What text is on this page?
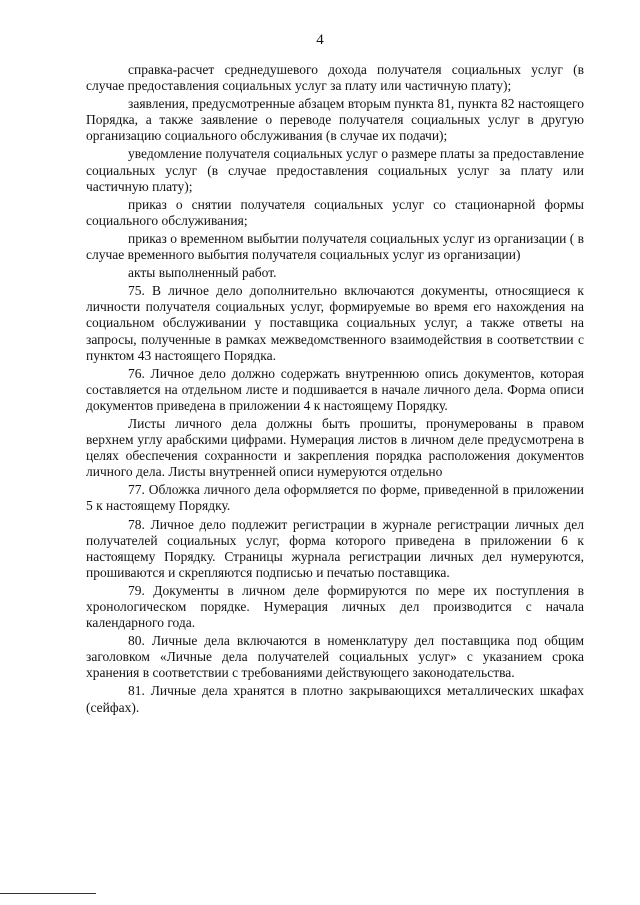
4

справка-расчет среднедушевого дохода получателя социальных услуг (в случае предоставления социальных услуг за плату или частичную плату);

заявления, предусмотренные абзацем вторым пункта 81, пункта 82 настоящего Порядка, а также заявление о переводе получателя социальных услуг в другую организацию социального обслуживания (в случае их подачи);

уведомление получателя социальных услуг о размере платы за предоставление социальных услуг (в случае предоставления социальных услуг за плату или частичную плату);

приказ о снятии получателя социальных услуг со стационарной формы социального обслуживания;

приказ о временном выбытии получателя социальных услуг из организации ( в случае временного выбытия получателя социальных услуг из организации)

акты выполненный работ.

75. В личное дело дополнительно включаются документы, относящиеся к личности получателя социальных услуг, формируемые во время его нахождения на социальном обслуживании у поставщика социальных услуг, а также ответы на запросы, полученные в рамках межведомственного взаимодействия в соответствии с пунктом 43 настоящего Порядка.

76. Личное дело должно содержать внутреннюю опись документов, которая составляется на отдельном листе и подшивается в начале личного дела. Форма описи документов приведена в приложении 4 к настоящему Порядку.

Листы личного дела должны быть прошиты, пронумерованы в правом верхнем углу арабскими цифрами. Нумерация листов в личном деле предусмотрена в целях обеспечения сохранности и закрепления порядка расположения документов личного дела. Листы внутренней описи нумеруются отдельно

77. Обложка личного дела оформляется по форме, приведенной в приложении 5 к настоящему Порядку.

78. Личное дело подлежит регистрации в журнале регистрации личных дел получателей социальных услуг, форма которого приведена в приложении 6 к настоящему Порядку. Страницы журнала регистрации личных дел нумеруются, прошиваются и скрепляются подписью и печатью поставщика.

79. Документы в личном деле формируются по мере их поступления в хронологическом порядке. Нумерация личных дел производится с начала календарного года.

80. Личные дела включаются в номенклатуру дел поставщика под общим заголовком «Личные дела получателей социальных услуг» с указанием срока хранения в соответствии с требованиями действующего законодательства.

81. Личные дела хранятся в плотно закрывающихся металлических шкафах (сейфах).
